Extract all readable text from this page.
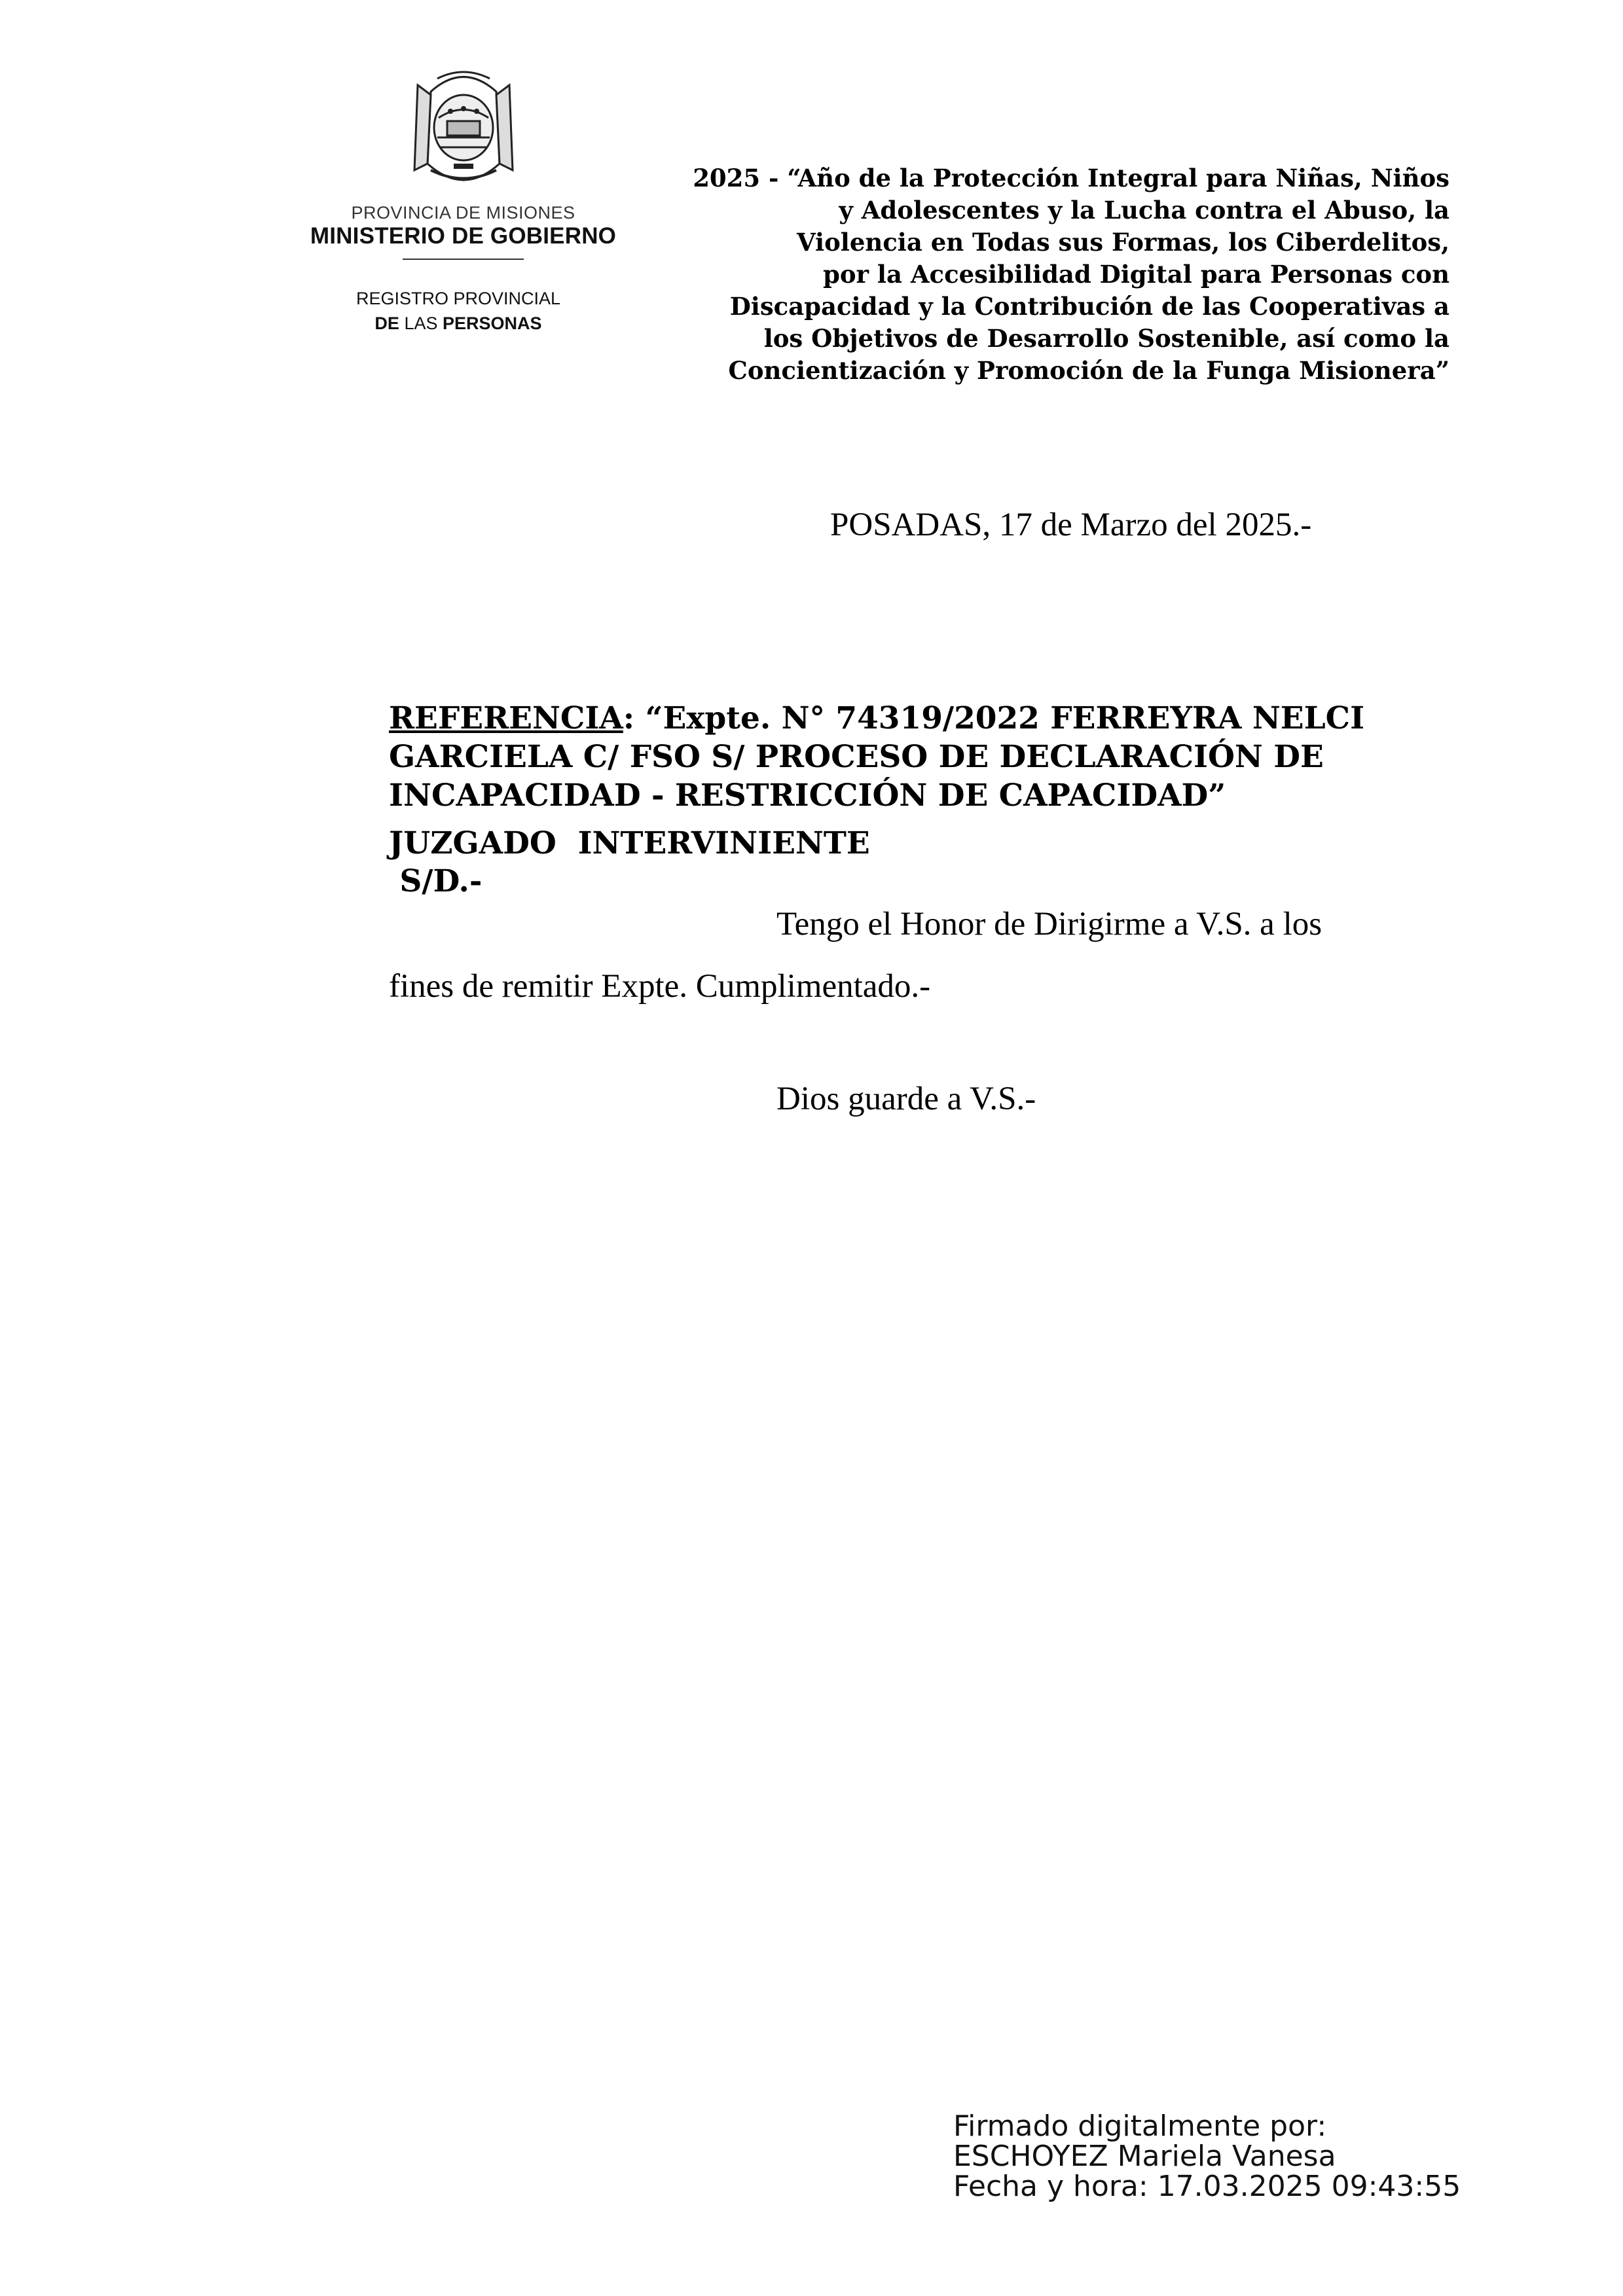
PROVINCIA DE MISIONES
MINISTERIO DE GOBIERNO
REGISTRO PROVINCIAL
DE LAS PERSONAS
2025 - “Año de la Protección Integral para Niñas, Niños
y Adolescentes y la Lucha contra el Abuso, la
Violencia en Todas sus Formas, los Ciberdelitos,
por la Accesibilidad Digital para Personas con
Discapacidad y la Contribución de las Cooperativas a
los Objetivos de Desarrollo Sostenible, así como la
Concientización y Promoción de la Funga Misionera”
POSADAS, 17 de Marzo del 2025.-
REFERENCIA: “Expte. N° 74319/2022 FERREYRA NELCI
GARCIELA C/ FSO S/ PROCESO DE DECLARACIÓN DE
INCAPACIDAD - RESTRICCIÓN DE CAPACIDAD”
JUZGADO  INTERVINIENTE
S/D.-
Tengo el Honor de Dirigirme a V.S. a los
fines de remitir Expte. Cumplimentado.-
Dios guarde a V.S.-
Firmado digitalmente por:
ESCHOYEZ Mariela Vanesa
Fecha y hora: 17.03.2025 09:43:55
